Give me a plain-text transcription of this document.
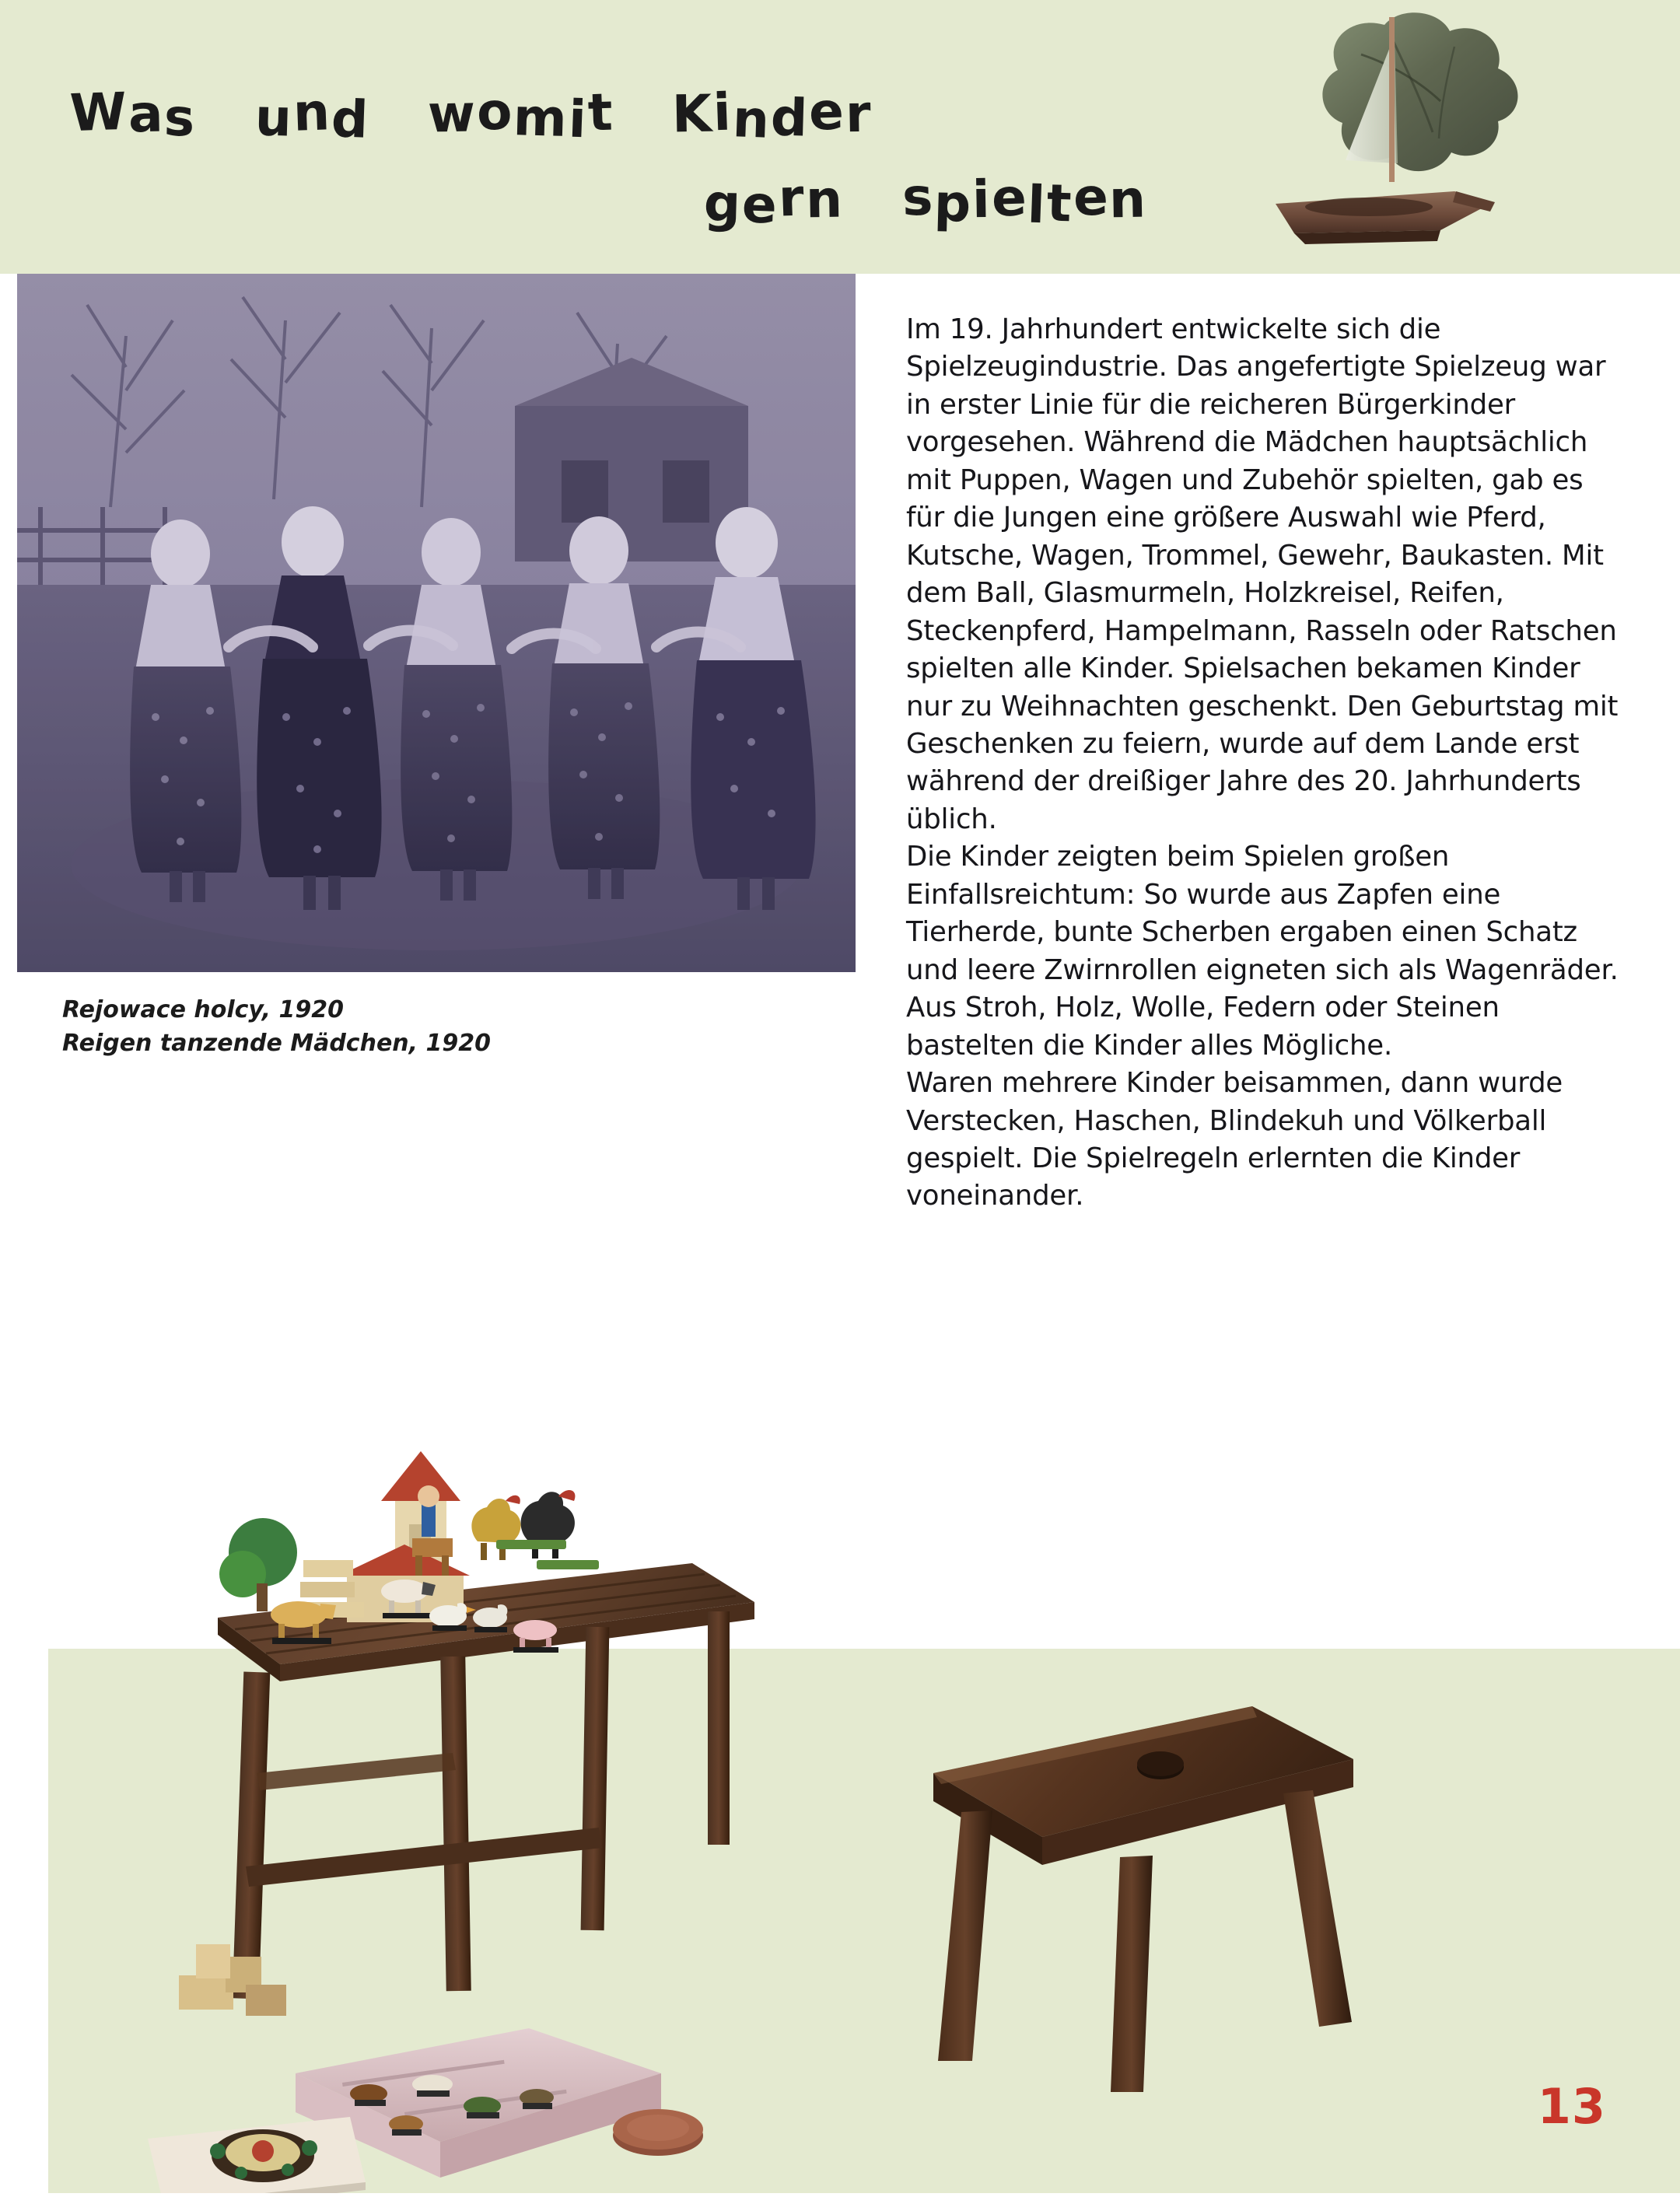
Was und womit Kinder
gern spielten
Rejowace holcy, 1920
Reigen tanzende Mädchen, 1920

Im 19. Jahrhundert entwickelte sich die Spielzeugindustrie. Das angefertigte Spielzeug war in erster Linie für die reicheren Bürgerkinder vorgesehen. Während die Mädchen hauptsächlich mit Puppen, Wagen und Zubehör spielten, gab es für die Jungen eine größere Auswahl wie Pferd, Kutsche, Wagen, Trommel, Gewehr, Baukasten. Mit dem Ball, Glasmurmeln, Holzkreisel, Reifen, Steckenpferd, Hampelmann, Rasseln oder Ratschen spielten alle Kinder. Spielsachen bekamen Kinder nur zu Weihnachten geschenkt. Den Geburtstag mit Geschenken zu feiern, wurde auf dem Lande erst während der dreißiger Jahre des 20. Jahrhunderts üblich.

Die Kinder zeigten beim Spielen großen Einfallsreichtum: So wurde aus Zapfen eine Tierherde, bunte Scherben ergaben einen Schatz und leere Zwirnrollen eigneten sich als Wagenräder. Aus Stroh, Holz, Wolle, Federn oder Steinen bastelten die Kinder alles Mögliche.

Waren mehrere Kinder beisammen, dann wurde Verstecken, Haschen, Blindekuh und Völkerball gespielt. Die Spielregeln erlernten die Kinder voneinander.

13
